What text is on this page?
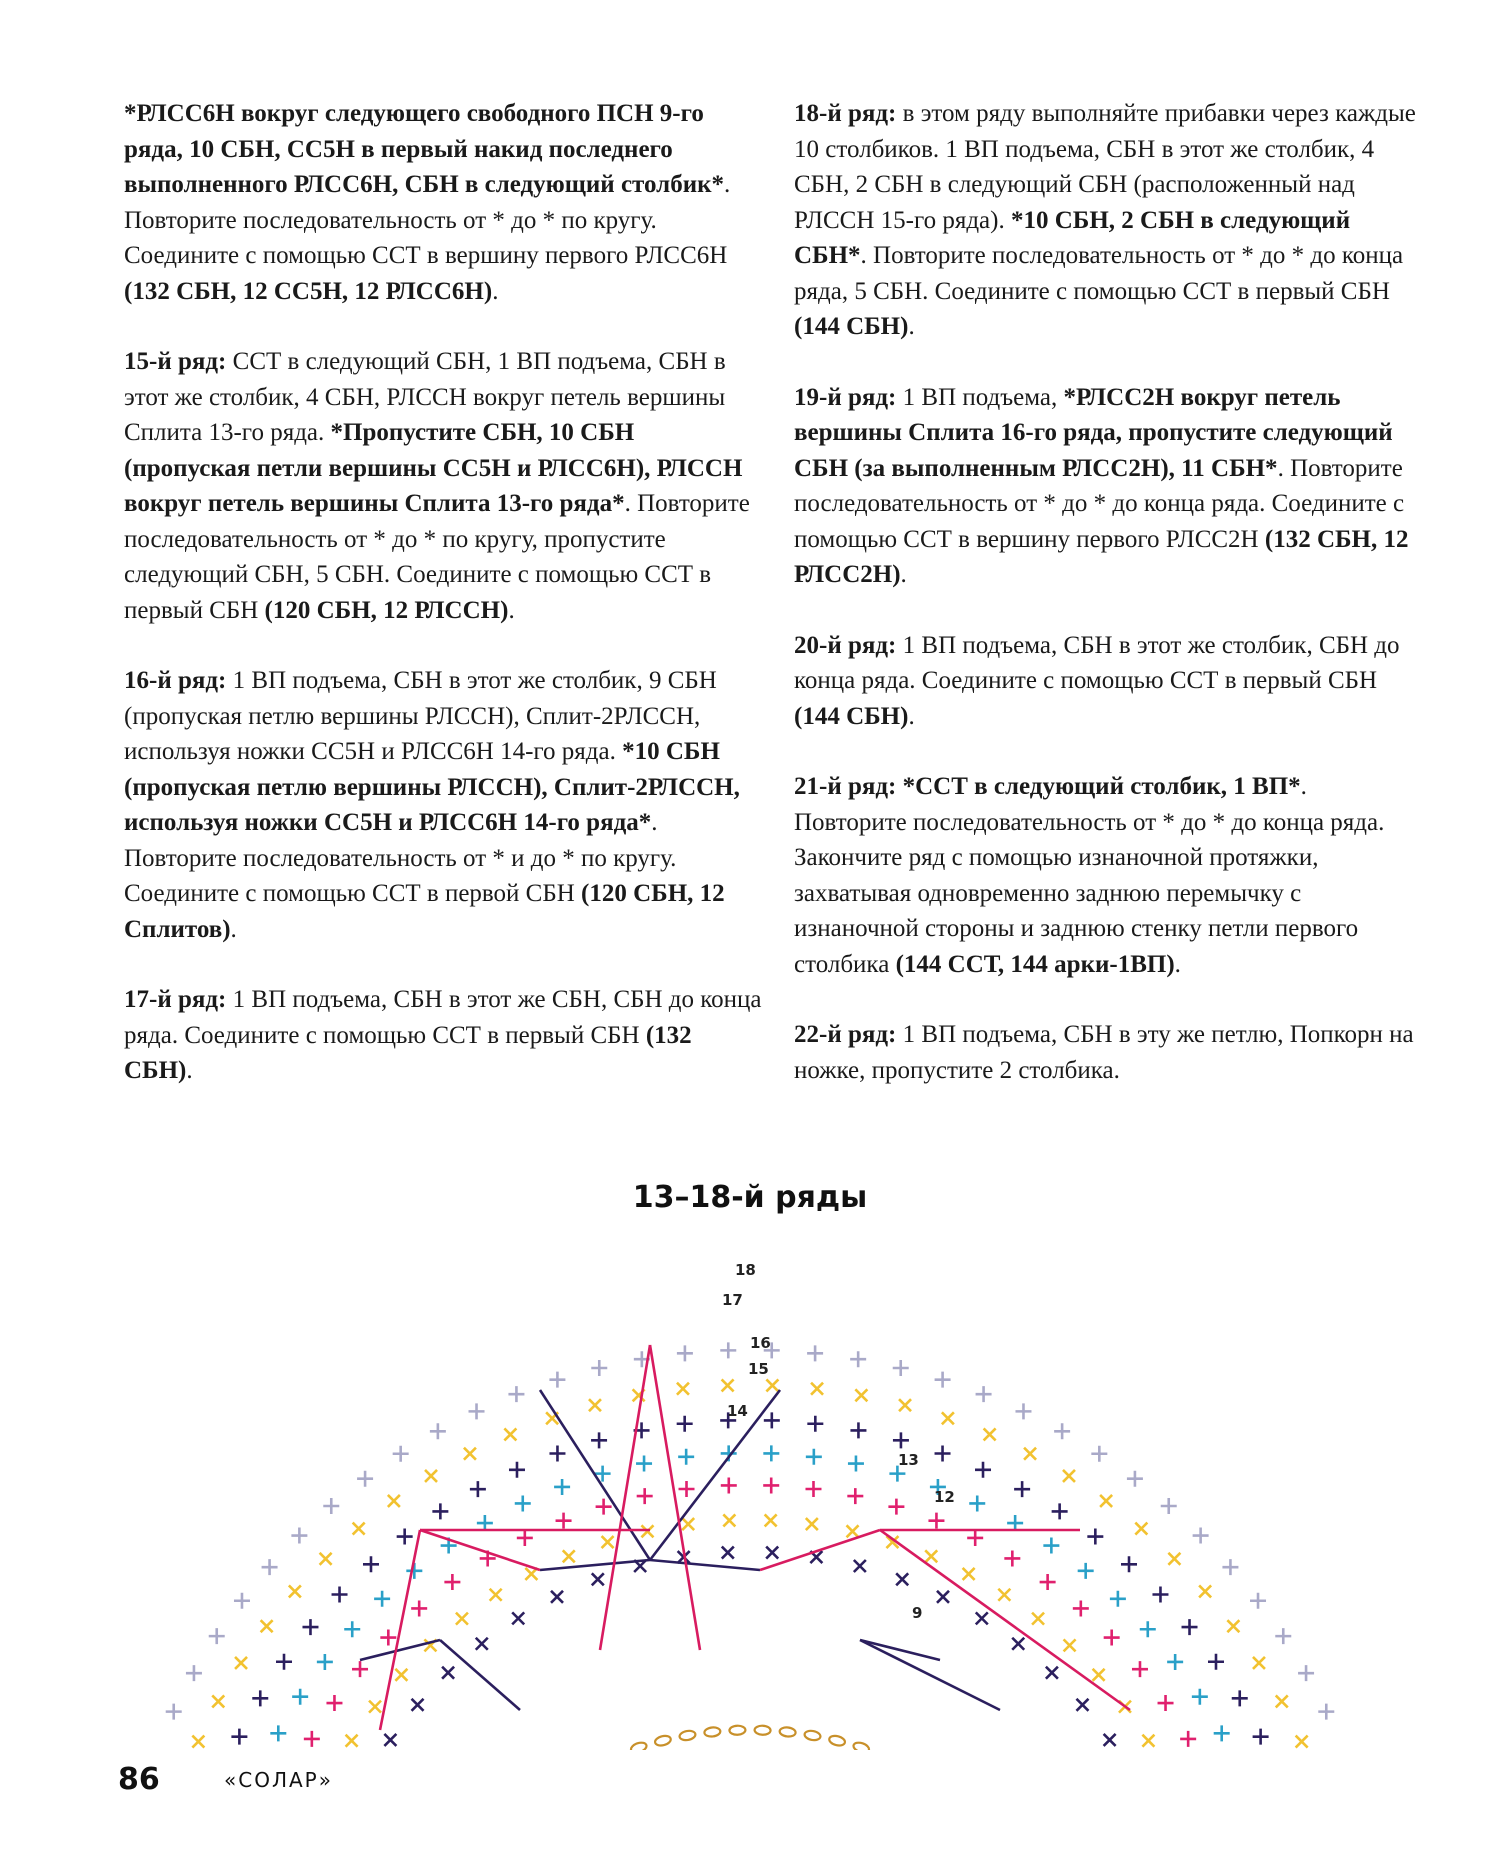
*РЛСС6Н вокруг следующего свободного ПСН 9-го ряда, 10 СБН, СС5Н в первый накид последнего выполненного РЛСС6Н, СБН в следующий столбик*. Повторите последовательность от * до * по кругу. Соедините с помощью ССТ в вершину первого РЛСС6Н (132 СБН, 12 СС5Н, 12 РЛСС6Н).

15-й ряд: ССТ в следующий СБН, 1 ВП подъема, СБН в этот же столбик, 4 СБН, РЛССН вокруг петель вершины Сплита 13-го ряда. *Пропустите СБН, 10 СБН (пропуская петли вершины СС5Н и РЛСС6Н), РЛССН вокруг петель вершины Сплита 13-го ряда*. Повторите последовательность от * до * по кругу, пропустите следующий СБН, 5 СБН. Соедините с помощью ССТ в первый СБН (120 СБН, 12 РЛССН).

16-й ряд: 1 ВП подъема, СБН в этот же столбик, 9 СБН (пропуская петлю вершины РЛССН), Сплит-2РЛССН, используя ножки СС5Н и РЛСС6Н 14-го ряда. *10 СБН (пропуская петлю вершины РЛССН), Сплит-2РЛССН, используя ножки СС5Н и РЛСС6Н 14-го ряда*. Повторите последовательность от * и до * по кругу. Соедините с помощью ССТ в первой СБН (120 СБН, 12 Сплитов).

17-й ряд: 1 ВП подъема, СБН в этот же СБН, СБН до конца ряда. Соедините с помощью ССТ в первый СБН (132 СБН).

18-й ряд: в этом ряду выполняйте прибавки через каждые 10 столбиков. 1 ВП подъема, СБН в этот же столбик, 4 СБН, 2 СБН в следующий СБН (расположенный над РЛССН 15-го ряда). *10 СБН, 2 СБН в следующий СБН*. Повторите последовательность от * до * до конца ряда, 5 СБН. Соедините с помощью ССТ в первый СБН (144 СБН).

19-й ряд: 1 ВП подъема, *РЛСС2Н вокруг петель вершины Сплита 16-го ряда, пропустите следующий СБН (за выполненным РЛСС2Н), 11 СБН*. Повторите последовательность от * до * до конца ряда. Соедините с помощью ССТ в вершину первого РЛСС2Н (132 СБН, 12 РЛСС2Н).

20-й ряд: 1 ВП подъема, СБН в этот же столбик, СБН до конца ряда. Соедините с помощью ССТ в первый СБН (144 СБН).

21-й ряд: *ССТ в следующий столбик, 1 ВП*. Повторите последовательность от * до * до конца ряда. Закончите ряд с помощью изнаночной протяжки, захватывая одновременно заднюю перемычку с изнаночной стороны и заднюю стенку петли первого столбика (144 ССТ, 144 арки-1ВП).

22-й ряд: 1 ВП подъема, СБН в эту же петлю, Попкорн на ножке, пропустите 2 столбика.

13–18-й ряды
18
17
16
15
14
13
12
9
86	«СОЛАР»
